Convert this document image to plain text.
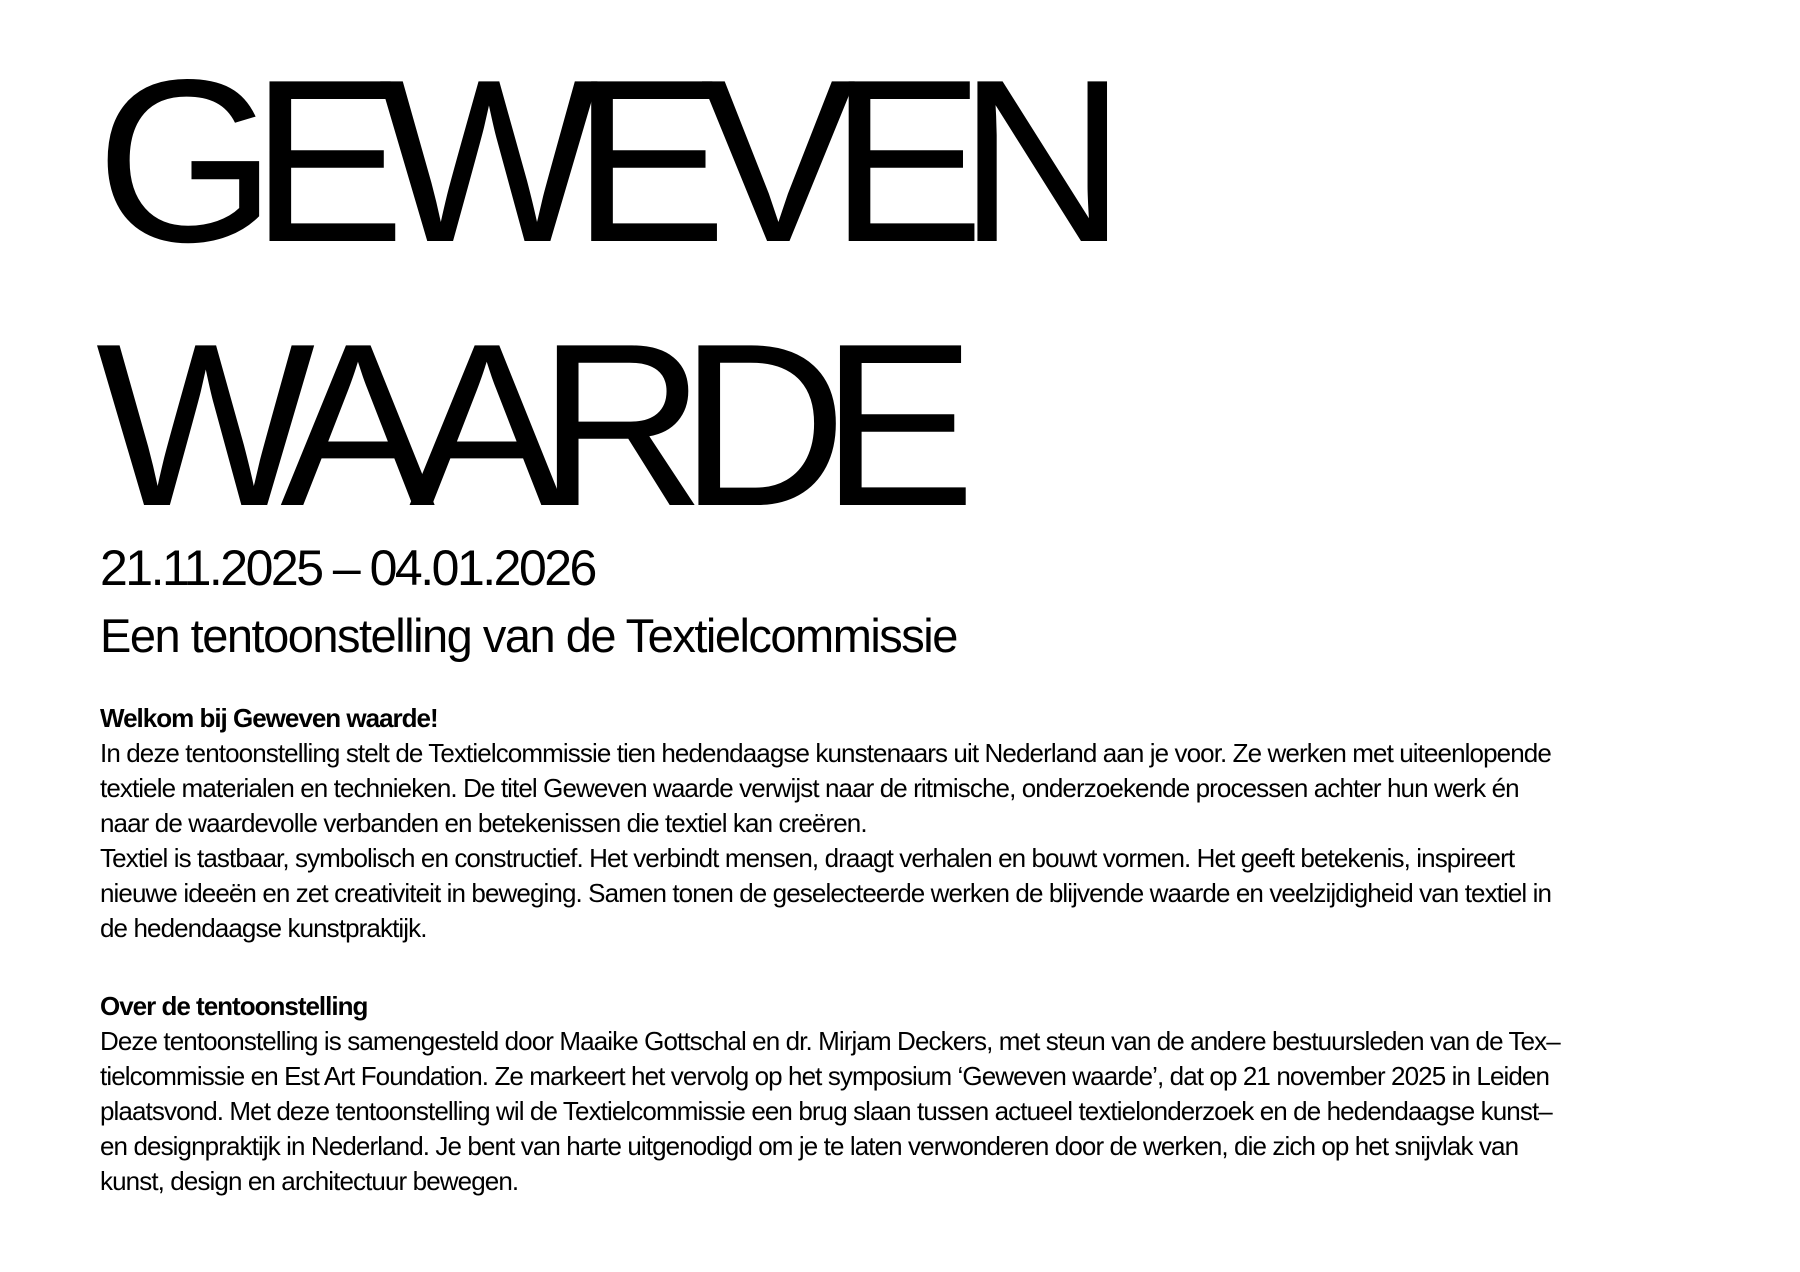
GEWEVEN
WAARDE

21.11.2025 – 04.01.2026

Een tentoonstelling van de Textielcommissie

Welkom bij Geweven waarde!

In deze tentoonstelling stelt de Textielcommissie tien hedendaagse kunstenaars uit Nederland aan je voor. Ze werken met uiteenlopende

textiele materialen en technieken. De titel Geweven waarde verwijst naar de ritmische, onderzoekende processen achter hun werk én

naar de waardevolle verbanden en betekenissen die textiel kan creëren.

Textiel is tastbaar, symbolisch en constructief. Het verbindt mensen, draagt verhalen en bouwt vormen. Het geeft betekenis, inspireert

nieuwe ideeën en zet creativiteit in beweging. Samen tonen de geselecteerde werken de blijvende waarde en veelzijdigheid van textiel in

de hedendaagse kunstpraktijk.

Over de tentoonstelling

Deze tentoonstelling is samengesteld door Maaike Gottschal en dr. Mirjam Deckers, met steun van de andere bestuursleden van de Tex–

tielcommissie en Est Art Foundation. Ze markeert het vervolg op het symposium ‘Geweven waarde’, dat op 21 november 2025 in Leiden

plaatsvond. Met deze tentoonstelling wil de Textielcommissie een brug slaan tussen actueel textielonderzoek en de hedendaagse kunst–

en designpraktijk in Nederland. Je bent van harte uitgenodigd om je te laten verwonderen door de werken, die zich op het snijvlak van

kunst, design en architectuur bewegen.
